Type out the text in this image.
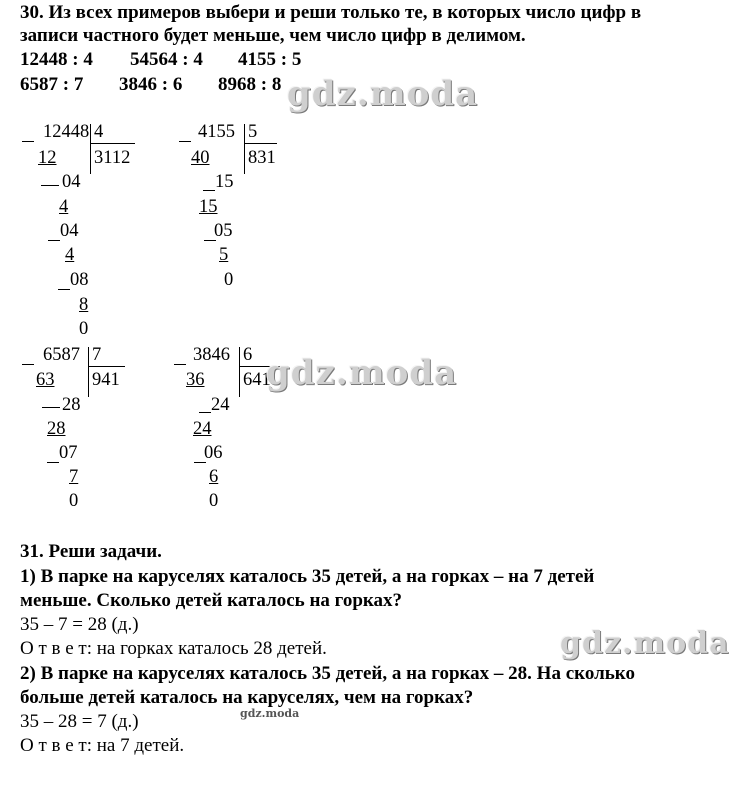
30. Из всех примеров выбери и реши только те, в которых число цифр в
записи частного будет меньше, чем число цифр в делимом.
12448 : 4 54564 : 4 4155 : 5
6587 : 7 3846 : 6 8968 : 8
12448 4
12 3112
04
4
04
4
08
8
0
4155 5
40 831
15
15
05
5
0
6587 7
63 941
28
28
07
7
0
3846 6
36 641
24
24
06
6
0
31. Реши задачи.
1) В парке на каруселях каталось 35 детей, а на горках – на 7 детей
меньше. Сколько детей каталось на горках?
35 – 7 = 28 (д.)
О т в е т: на горках каталось 28 детей.
2) В парке на каруселях каталось 35 детей, а на горках – 28. На сколько
больше детей каталось на каруселях, чем на горках?
35 – 28 = 7 (д.)
О т в е т: на 7 детей.
gdz.moda
gdz.moda
gdz.moda
gdz.moda
